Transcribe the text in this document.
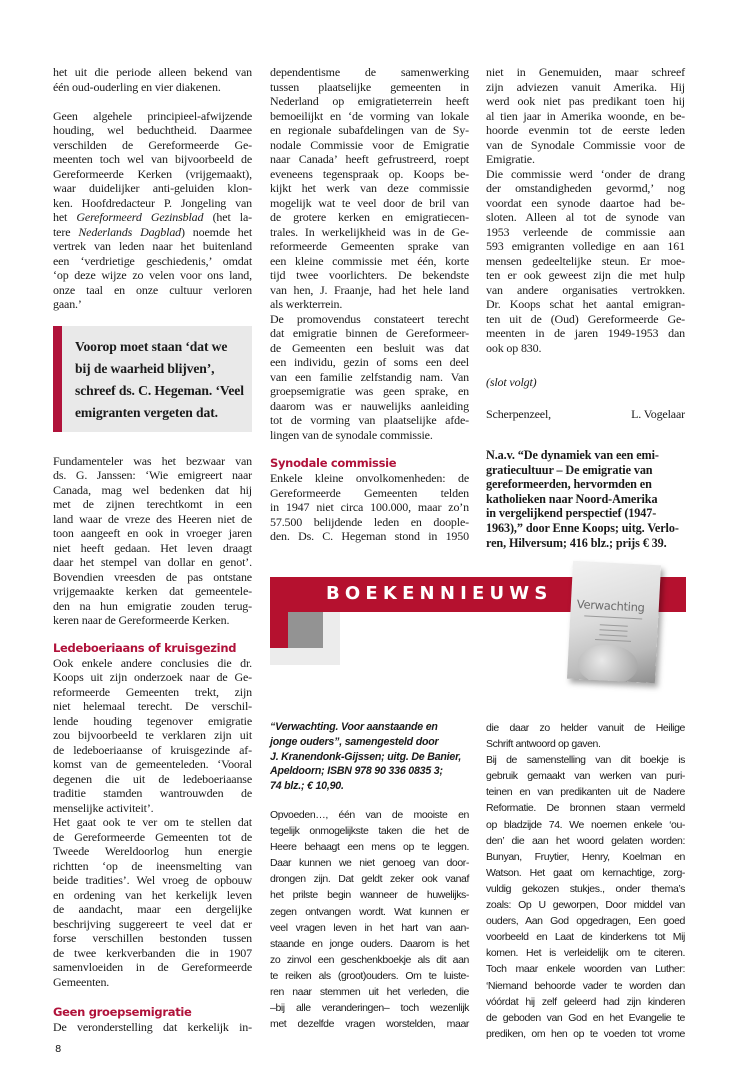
het uit die periode alleen bekend van
één oud-ouderling en vier diakenen.
Geen algehele principieel-afwijzende
houding, wel beduchtheid. Daarmee
verschilden de Gereformeerde Ge-
meenten toch wel van bijvoorbeeld de
Gereformeerde Kerken (vrijgemaakt),
waar duidelijker anti-geluiden klon-
ken. Hoofdredacteur P. Jongeling van
het Gereformeerd Gezinsblad (het la-
tere Nederlands Dagblad) noemde het
vertrek van leden naar het buitenland
een ‘verdrietige geschiedenis,’ omdat
‘op deze wijze zo velen voor ons land,
onze taal en onze cultuur verloren
gaan.’
Voorop moet staan ‘dat we
bij de waarheid blijven’,
schreef ds. C. Hegeman. ‘Veel
emigranten vergeten dat.
Fundamenteler was het bezwaar van
ds. G. Janssen: ‘Wie emigreert naar
Canada, mag wel bedenken dat hij
met de zijnen terechtkomt in een
land waar de vreze des Heeren niet de
toon aangeeft en ook in vroeger jaren
niet heeft gedaan. Het leven draagt
daar het stempel van dollar en genot’.
Bovendien vreesden de pas ontstane
vrijgemaakte kerken dat gemeentele-
den na hun emigratie zouden terug-
keren naar de Gereformeerde Kerken.
Ledeboeriaans of kruisgezind
Ook enkele andere conclusies die dr.
Koops uit zijn onderzoek naar de Ge-
reformeerde Gemeenten trekt, zijn
niet helemaal terecht. De verschil-
lende houding tegenover emigratie
zou bijvoorbeeld te verklaren zijn uit
de ledeboeriaanse of kruisgezinde af-
komst van de gemeenteleden. ‘Vooral
degenen die uit de ledeboeriaanse
traditie stamden wantrouwden de
menselijke activiteit’.
Het gaat ook te ver om te stellen dat
de Gereformeerde Gemeenten tot de
Tweede Wereldoorlog hun energie
richtten ‘op de ineensmelting van
beide tradities’. Wel vroeg de opbouw
en ordening van het kerkelijk leven
de aandacht, maar een dergelijke
beschrijving suggereert te veel dat er
forse verschillen bestonden tussen
de twee kerkverbanden die in 1907
samenvloeiden in de Gereformeerde
Gemeenten.
Geen groepsemigratie
De veronderstelling dat kerkelijk in-
dependentisme de samenwerking
tussen plaatselijke gemeenten in
Nederland op emigratieterrein heeft
bemoeilijkt en ‘de vorming van lokale
en regionale subafdelingen van de Sy-
nodale Commissie voor de Emigratie
naar Canada’ heeft gefrustreerd, roept
eveneens tegenspraak op. Koops be-
kijkt het werk van deze commissie
mogelijk wat te veel door de bril van
de grotere kerken en emigratiecen-
trales. In werkelijkheid was in de Ge-
reformeerde Gemeenten sprake van
een kleine commissie met één, korte
tijd twee voorlichters. De bekendste
van hen, J. Fraanje, had het hele land
als werkterrein.
De promovendus constateert terecht
dat emigratie binnen de Gereformeer-
de Gemeenten een besluit was dat
een individu, gezin of soms een deel
van een familie zelfstandig nam. Van
groepsemigratie was geen sprake, en
daarom was er nauwelijks aanleiding
tot de vorming van plaatselijke afde-
lingen van de synodale commissie.
Synodale commissie
Enkele kleine onvolkomenheden: de
Gereformeerde Gemeenten telden
in 1947 niet circa 100.000, maar zo’n
57.500 belijdende leden en doople-
den. Ds. C. Hegeman stond in 1950
niet in Genemuiden, maar schreef
zijn adviezen vanuit Amerika. Hij
werd ook niet pas predikant toen hij
al tien jaar in Amerika woonde, en be-
hoorde evenmin tot de eerste leden
van de Synodale Commissie voor de
Emigratie.
Die commissie werd ‘onder de drang
der omstandigheden gevormd,’ nog
voordat een synode daartoe had be-
sloten. Alleen al tot de synode van
1953 verleende de commissie aan
593 emigranten volledige en aan 161
mensen gedeeltelijke steun. Er moe-
ten er ook geweest zijn die met hulp
van andere organisaties vertrokken.
Dr. Koops schat het aantal emigran-
ten uit de (Oud) Gereformeerde Ge-
meenten in de jaren 1949-1953 dan
ook op 830.
(slot volgt)
Scherpenzeel,	L. Vogelaar
N.a.v. “De dynamiek van een emi-
gratiecultuur – De emigratie van
gereformeerden, hervormden en
katholieken naar Noord-Amerika
in vergelijkend perspectief (1947-
1963),” door Enne Koops; uitg. Verlo-
ren, Hilversum; 416 blz.; prijs € 39.
BOEKENNIEUWS
Verwachting
“Verwachting. Voor aanstaande en
jonge ouders”, samengesteld door
J. Kranendonk-Gijssen; uitg. De Banier,
Apeldoorn; ISBN 978 90 336 0835 3;
74 blz.; € 10,90.
Opvoeden…, één van de mooiste en
tegelijk onmogelijkste taken die het de
Heere behaagt een mens op te leggen.
Daar kunnen we niet genoeg van door-
drongen zijn. Dat geldt zeker ook vanaf
het prilste begin wanneer de huwelijks-
zegen ontvangen wordt. Wat kunnen er
veel vragen leven in het hart van aan-
staande en jonge ouders. Daarom is het
zo zinvol een geschenkboekje als dit aan
te reiken als (groot)ouders. Om te luiste-
ren naar stemmen uit het verleden, die
–bij alle veranderingen– toch wezenlijk
met dezelfde vragen worstelden, maar
die daar zo helder vanuit de Heilige
Schrift antwoord op gaven.
Bij de samenstelling van dit boekje is
gebruik gemaakt van werken van puri-
teinen en van predikanten uit de Nadere
Reformatie. De bronnen staan vermeld
op bladzijde 74. We noemen enkele ‘ou-
den’ die aan het woord gelaten worden:
Bunyan, Fruytier, Henry, Koelman en
Watson. Het gaat om kernachtige, zorg-
vuldig gekozen stukjes., onder thema’s
zoals: Op U geworpen, Door middel van
ouders, Aan God opgedragen, Een goed
voorbeeld en Laat de kinderkens tot Mij
komen. Het is verleidelijk om te citeren.
Toch maar enkele woorden van Luther:
‘Niemand behoorde vader te worden dan
vóórdat hij zelf geleerd had zijn kinderen
de geboden van God en het Evangelie te
prediken, om hen op te voeden tot vrome
8
